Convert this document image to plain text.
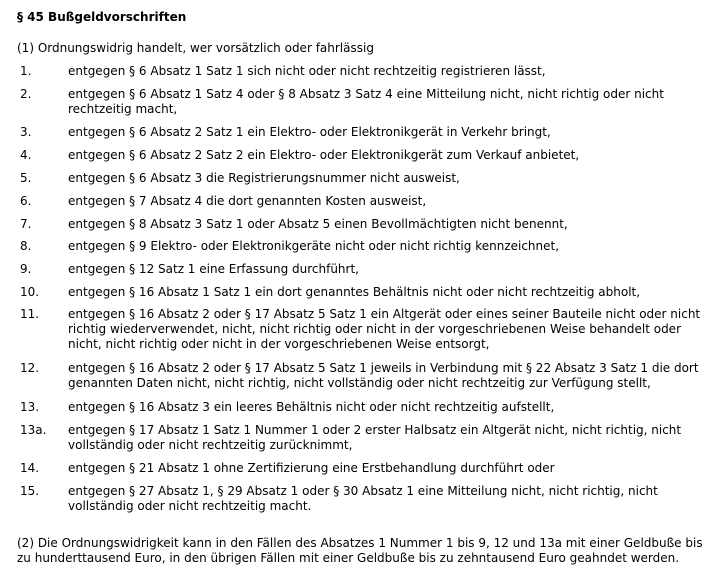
§ 45 Bußgeldvorschriften
(1) Ordnungswidrig handelt, wer vorsätzlich oder fahrlässig
1.	entgegen § 6 Absatz 1 Satz 1 sich nicht oder nicht rechtzeitig registrieren lässt,
2.	entgegen § 6 Absatz 1 Satz 4 oder § 8 Absatz 3 Satz 4 eine Mitteilung nicht, nicht richtig oder nicht rechtzeitig macht,
3.	entgegen § 6 Absatz 2 Satz 1 ein Elektro- oder Elektronikgerät in Verkehr bringt,
4.	entgegen § 6 Absatz 2 Satz 2 ein Elektro- oder Elektronikgerät zum Verkauf anbietet,
5.	entgegen § 6 Absatz 3 die Registrierungsnummer nicht ausweist,
6.	entgegen § 7 Absatz 4 die dort genannten Kosten ausweist,
7.	entgegen § 8 Absatz 3 Satz 1 oder Absatz 5 einen Bevollmächtigten nicht benennt,
8.	entgegen § 9 Elektro- oder Elektronikgeräte nicht oder nicht richtig kennzeichnet,
9.	entgegen § 12 Satz 1 eine Erfassung durchführt,
10. entgegen § 16 Absatz 1 Satz 1 ein dort genanntes Behältnis nicht oder nicht rechtzeitig abholt,
11. entgegen § 16 Absatz 2 oder § 17 Absatz 5 Satz 1 ein Altgerät oder eines seiner Bauteile nicht oder nicht richtig wiederverwendet, nicht, nicht richtig oder nicht in der vorgeschriebenen Weise behandelt oder nicht, nicht richtig oder nicht in der vorgeschriebenen Weise entsorgt,
12. entgegen § 16 Absatz 2 oder § 17 Absatz 5 Satz 1 jeweils in Verbindung mit § 22 Absatz 3 Satz 1 die dort genannten Daten nicht, nicht richtig, nicht vollständig oder nicht rechtzeitig zur Verfügung stellt,
13. entgegen § 16 Absatz 3 ein leeres Behältnis nicht oder nicht rechtzeitig aufstellt,
13a. entgegen § 17 Absatz 1 Satz 1 Nummer 1 oder 2 erster Halbsatz ein Altgerät nicht, nicht richtig, nicht vollständig oder nicht rechtzeitig zurücknimmt,
14. entgegen § 21 Absatz 1 ohne Zertifizierung eine Erstbehandlung durchführt oder
15. entgegen § 27 Absatz 1, § 29 Absatz 1 oder § 30 Absatz 1 eine Mitteilung nicht, nicht richtig, nicht vollständig oder nicht rechtzeitig macht.
(2) Die Ordnungswidrigkeit kann in den Fällen des Absatzes 1 Nummer 1 bis 9, 12 und 13a mit einer Geldbuße bis zu hunderttausend Euro, in den übrigen Fällen mit einer Geldbuße bis zu zehntausend Euro geahndet werden.
